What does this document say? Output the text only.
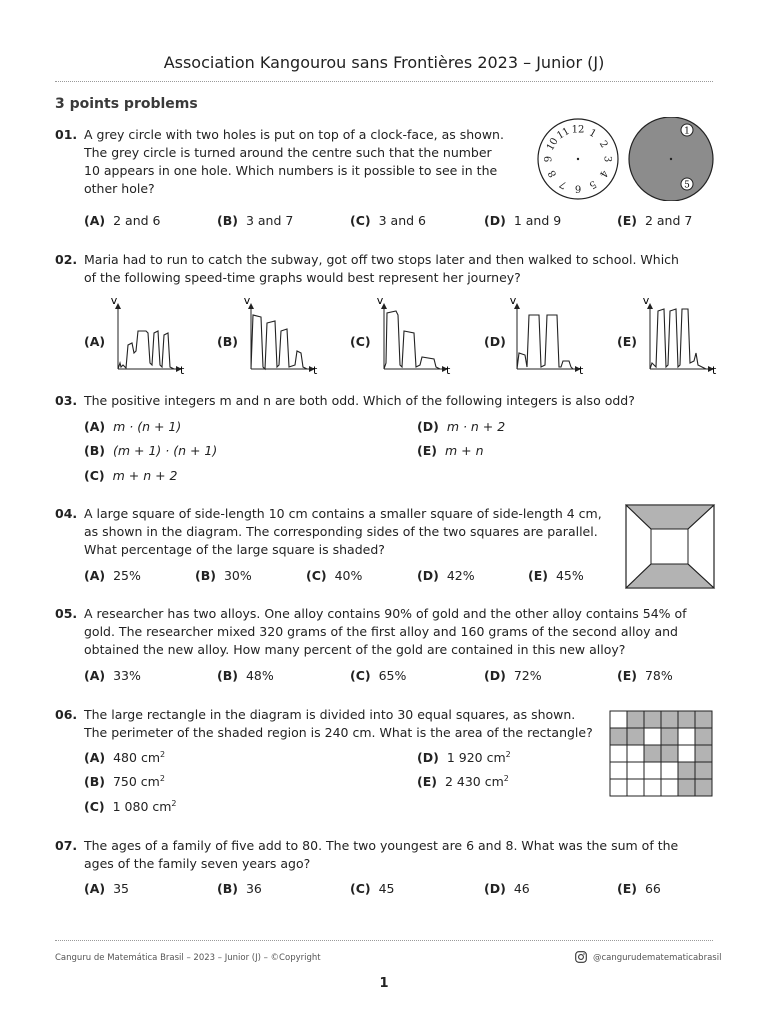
Association Kangourou sans Frontières 2023 – Junior (J)
3 points problems
01. A grey circle with two holes is put on top of a clock-face, as shown.
The grey circle is turned around the centre such that the number
10 appears in one hole. Which numbers is it possible to see in the
other hole?
12 1
2
3
4
5
6
7
8
9
10
11	1
5
(A) 2 and 6	(B) 3 and 7	(C) 3 and 6	(D) 1 and 9	(E) 2 and 7
02. Maria had to run to catch the subway, got off two stops later and then walked to school. Which
of the following speed-time graphs would best represent her journey?
(A)	(B)	(C)	(D)	(E)
v
t
v
t
v
t
v
t
v
t
03. The positive integers m and n are both odd. Which of the following integers is also odd?
(A) m · (n + 1)	(D) m · n + 2
(B) (m + 1) · (n + 1)	(E) m + n
(C) m + n + 2
04. A large square of side-length 10 cm contains a smaller square of side-length 4 cm,
as shown in the diagram. The corresponding sides of the two squares are parallel.
What percentage of the large square is shaded?
(A) 25%	(B) 30%	(C) 40%	(D) 42%	(E) 45%
05. A researcher has two alloys. One alloy contains 90% of gold and the other alloy contains 54% of
gold. The researcher mixed 320 grams of the first alloy and 160 grams of the second alloy and
obtained the new alloy. How many percent of the gold are contained in this new alloy?
(A) 33%	(B) 48%	(C) 65%	(D) 72%	(E) 78%
06. The large rectangle in the diagram is divided into 30 equal squares, as shown.
The perimeter of the shaded region is 240 cm. What is the area of the rectangle?
(A) 480 $cm^2$	(D) 1 920 $cm^2$
(B) 750 $cm^2$	(E) 2 430 $cm^2$
(C) 1 080 $cm^2$
07. The ages of a family of five add to 80. The two youngest are 6 and 8. What was the sum of the
ages of the family seven years ago?
(A) 35	(B) 36	(C) 45	(D) 46	(E) 66
Canguru de Matemática Brasil – 2023 – Junior (J) – ©Copyright	@cangurudematematicabrasil
1
